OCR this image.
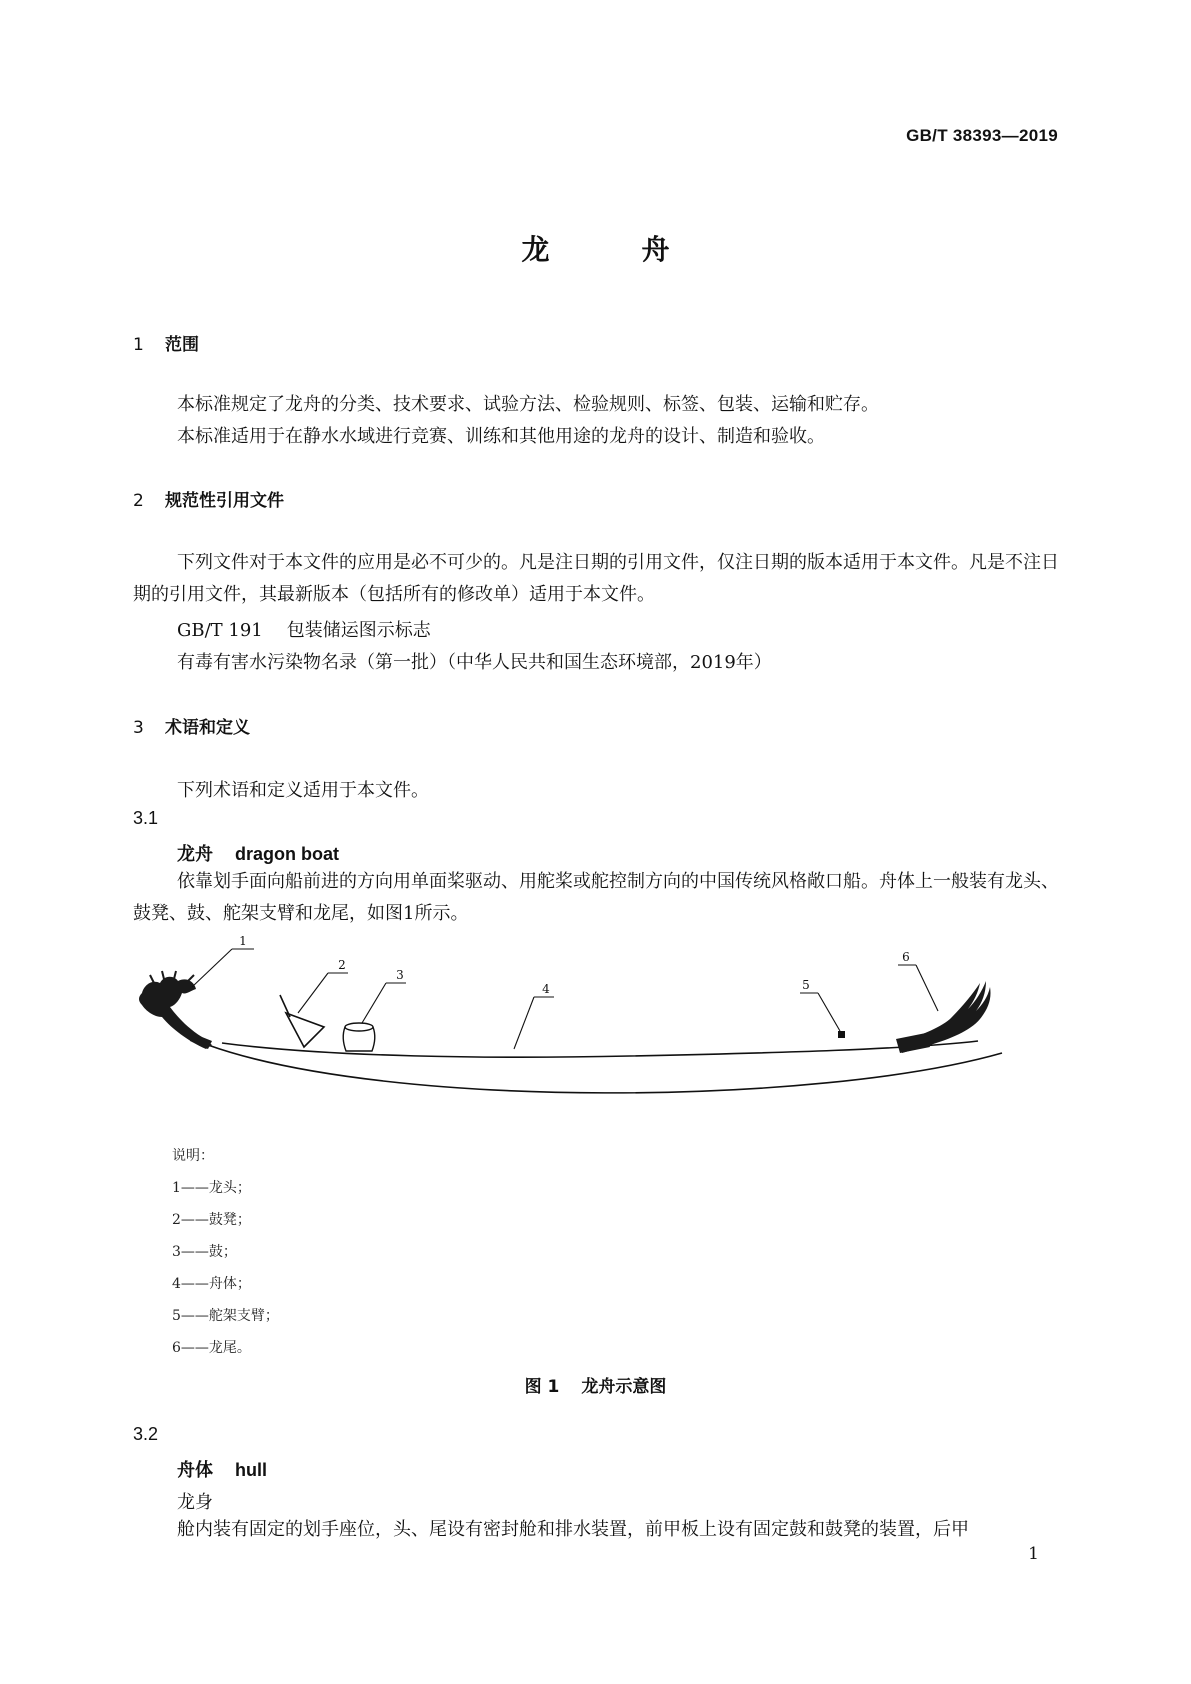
GB/T 38393—2019
龙舟
1 范围
本标准规定了龙舟的分类、技术要求、试验方法、检验规则、标签、包装、运输和贮存。
本标准适用于在静水水域进行竞赛、训练和其他用途的龙舟的设计、制造和验收。
2 规范性引用文件
下列文件对于本文件的应用是必不可少的。凡是注日期的引用文件，仅注日期的版本适用于本文件。凡是不注日期的引用文件，其最新版本（包括所有的修改单）适用于本文件。
GB/T 191 包装储运图示标志
有毒有害水污染物名录（第一批）（中华人民共和国生态环境部，2019年）
3 术语和定义
下列术语和定义适用于本文件。
3.1
龙舟 dragon boat
依靠划手面向船前进的方向用单面桨驱动、用舵桨或舵控制方向的中国传统风格敞口船。舟体上一般装有龙头、鼓凳、鼓、舵架支臂和龙尾，如图1所示。
1
2
3
4	5
6
说明：
1——龙头；
2——鼓凳；
3——鼓；
4——舟体；
5——舵架支臂；
6——龙尾。
图 1 龙舟示意图
3.2
舟体 hull
龙身
舱内装有固定的划手座位，头、尾设有密封舱和排水装置，前甲板上设有固定鼓和鼓凳的装置，后甲
1
